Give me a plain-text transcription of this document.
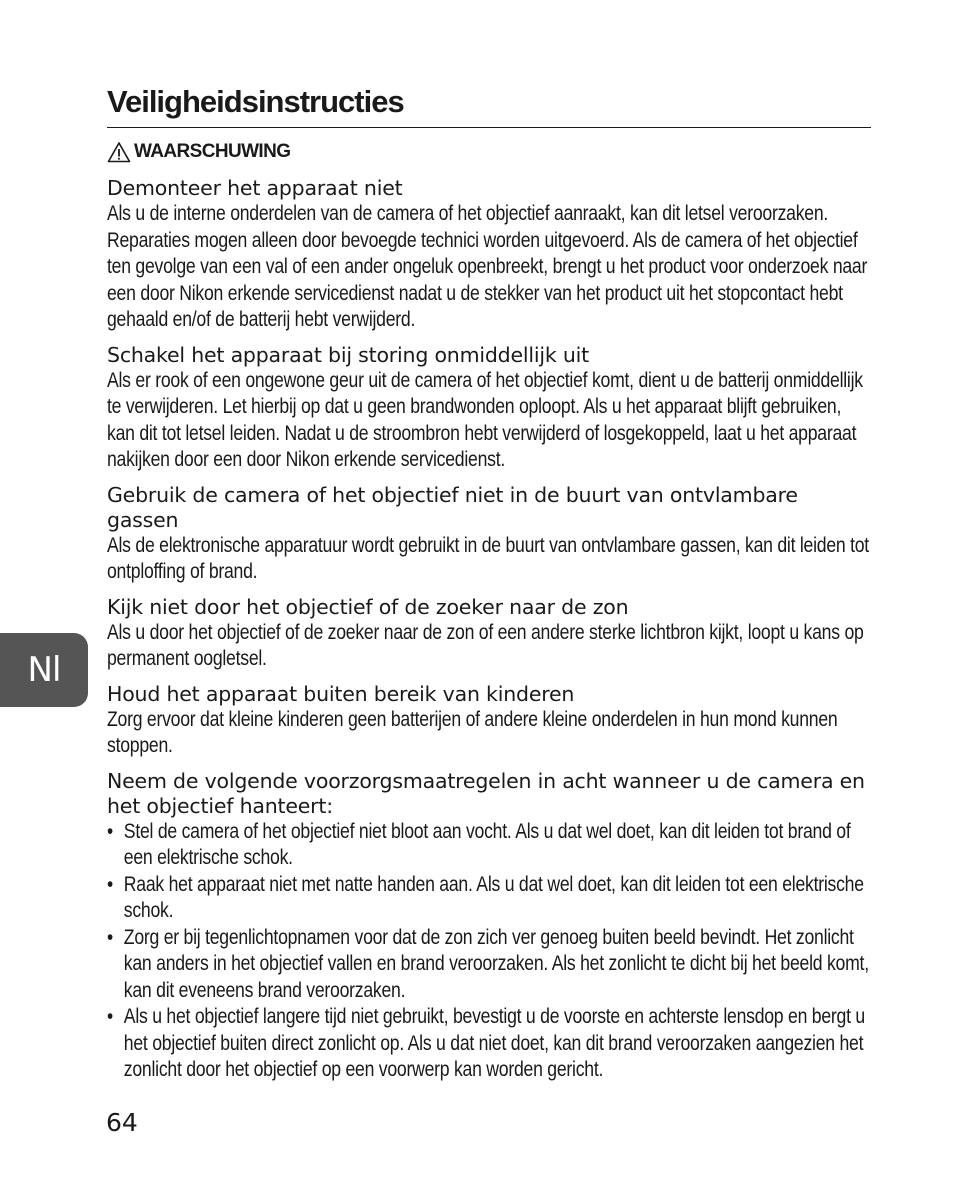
Veiligheidsinstructies
WAARSCHUWING
Demonteer het apparaat niet

Als u de interne onderdelen van de camera of het objectief aanraakt, kan dit letsel veroorzaken. Reparaties mogen alleen door bevoegde technici worden uitgevoerd. Als de camera of het objectief ten gevolge van een val of een ander ongeluk openbreekt, brengt u het product voor onderzoek naar een door Nikon erkende servicedienst nadat u de stekker van het product uit het stopcontact hebt gehaald en/of de batterij hebt verwijderd.

Schakel het apparaat bij storing onmiddellijk uit

Als er rook of een ongewone geur uit de camera of het objectief komt, dient u de batterij onmiddellijk te verwijderen. Let hierbij op dat u geen brandwonden oploopt. Als u het apparaat blijft gebruiken, kan dit tot letsel leiden. Nadat u de stroombron hebt verwijderd of losgekoppeld, laat u het apparaat nakijken door een door Nikon erkende servicedienst.

Gebruik de camera of het objectief niet in de buurt van ontvlambare gassen

Als de elektronische apparatuur wordt gebruikt in de buurt van ontvlambare gassen, kan dit leiden tot ontploffing of brand.

Kijk niet door het objectief of de zoeker naar de zon

Als u door het objectief of de zoeker naar de zon of een andere sterke lichtbron kijkt, loopt u kans op permanent oogletsel.

Houd het apparaat buiten bereik van kinderen

Zorg ervoor dat kleine kinderen geen batterijen of andere kleine onderdelen in hun mond kunnen stoppen.

Neem de volgende voorzorgsmaatregelen in acht wanneer u de camera en het objectief hanteert:
• Stel de camera of het objectief niet bloot aan vocht. Als u dat wel doet, kan dit leiden tot brand of een elektrische schok.
• Raak het apparaat niet met natte handen aan. Als u dat wel doet, kan dit leiden tot een elektrische schok.
• Zorg er bij tegenlichtopnamen voor dat de zon zich ver genoeg buiten beeld bevindt. Het zonlicht kan anders in het objectief vallen en brand veroorzaken. Als het zonlicht te dicht bij het beeld komt, kan dit eveneens brand veroorzaken.
• Als u het objectief langere tijd niet gebruikt, bevestigt u de voorste en achterste lensdop en bergt u het objectief buiten direct zonlicht op. Als u dat niet doet, kan dit brand veroorzaken aangezien het zonlicht door het objectief op een voorwerp kan worden gericht.
Nl
64
